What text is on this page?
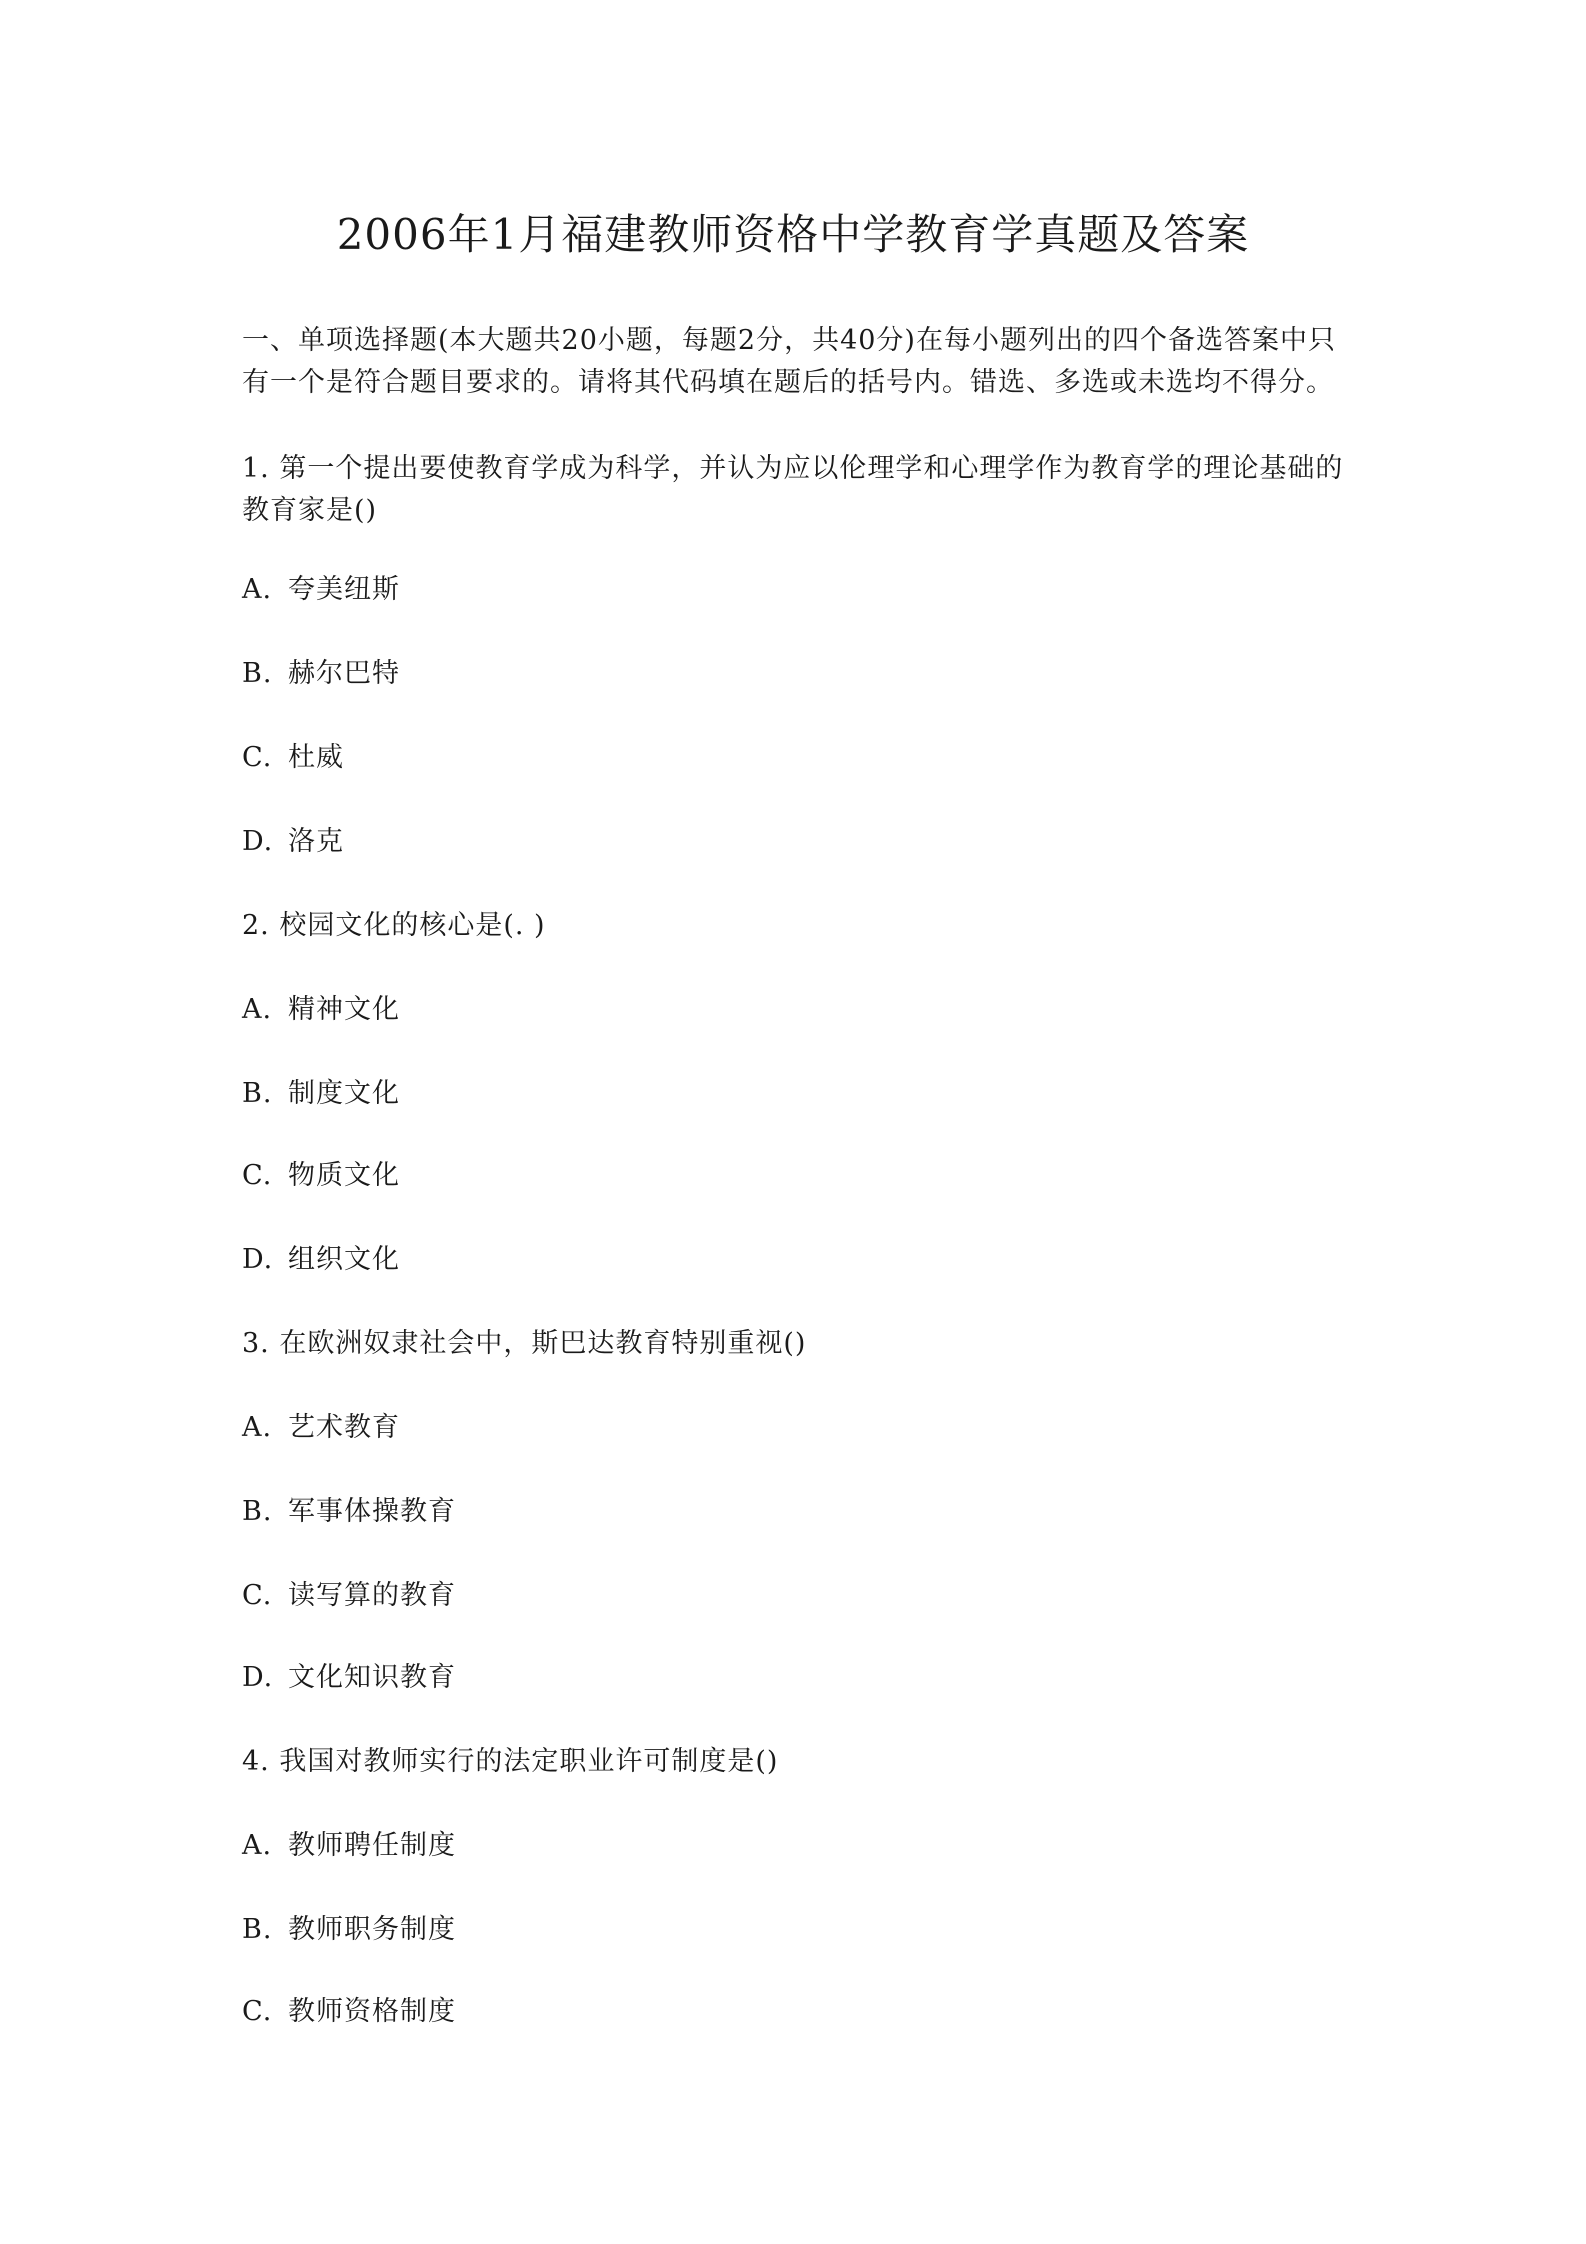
2006年1月福建教师资格中学教育学真题及答案
一、单项选择题(本大题共20小题，每题2分，共40分)在每小题列出的四个备选答案中只有一个是符合题目要求的。请将其代码填在题后的括号内。错选、多选或未选均不得分。
1. 第一个提出要使教育学成为科学，并认为应以伦理学和心理学作为教育学的理论基础的教育家是()
A. 夸美纽斯
B. 赫尔巴特
C. 杜威
D. 洛克
2. 校园文化的核心是(. )
A. 精神文化
B. 制度文化
C. 物质文化
D. 组织文化
3. 在欧洲奴隶社会中，斯巴达教育特别重视()
A. 艺术教育
B. 军事体操教育
C. 读写算的教育
D. 文化知识教育
4. 我国对教师实行的法定职业许可制度是()
A. 教师聘任制度
B. 教师职务制度
C. 教师资格制度
